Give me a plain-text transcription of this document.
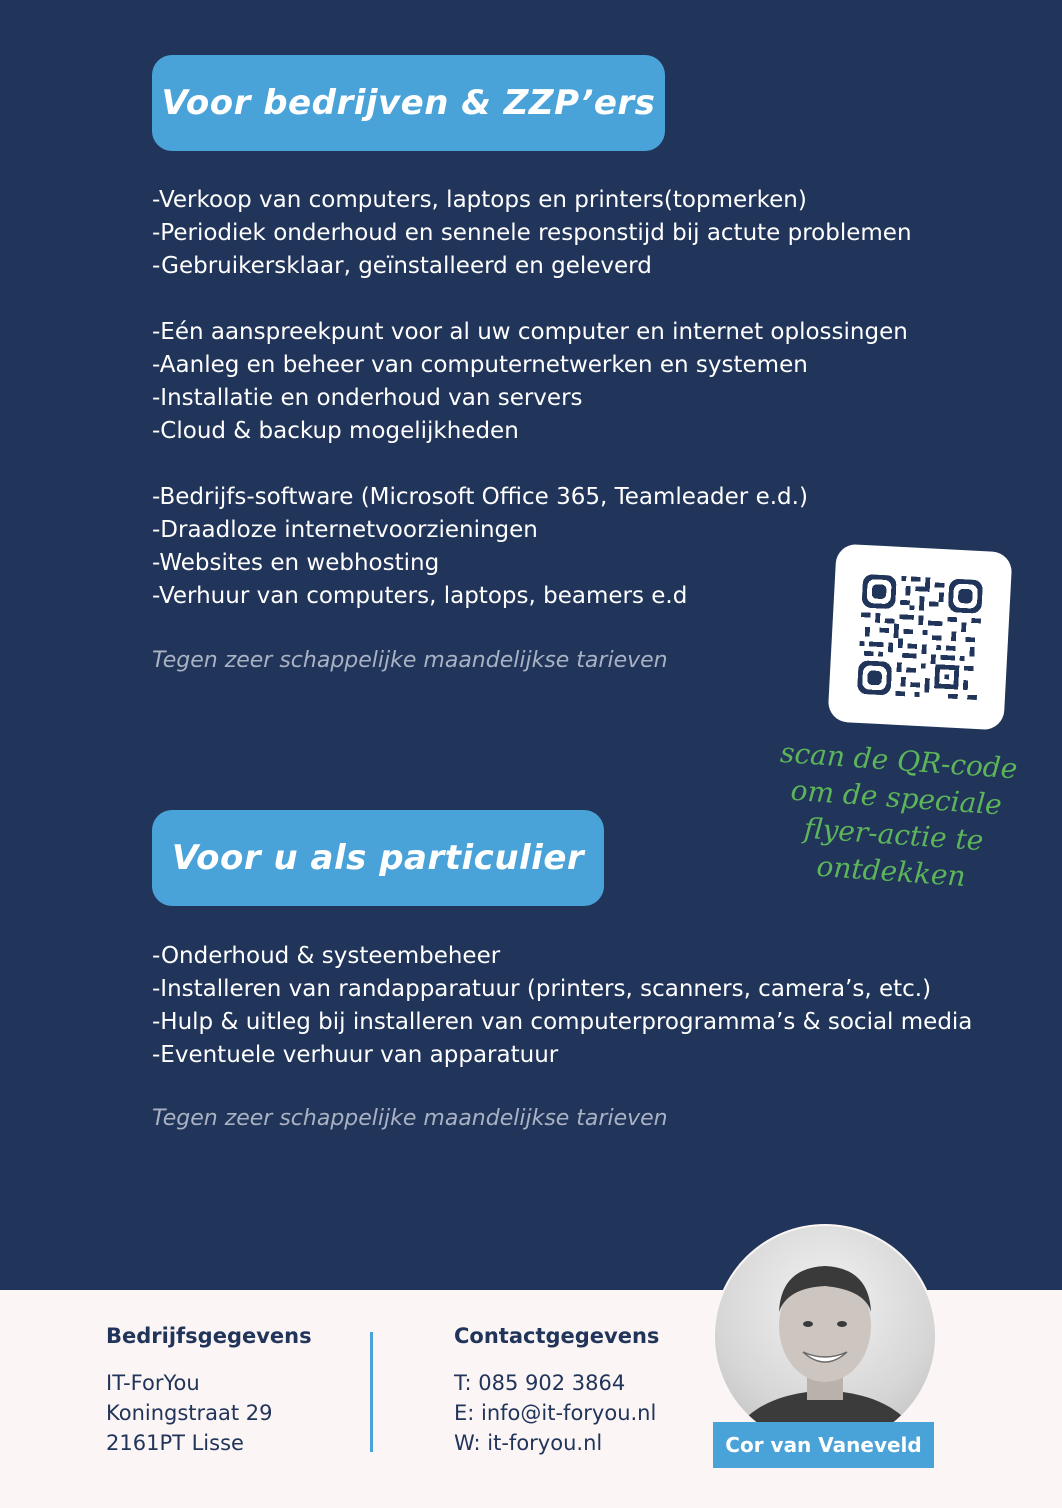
Voor bedrijven & ZZP’ers
-Verkoop van computers, laptops en printers(topmerken)
-Periodiek onderhoud en sennele responstijd bij actute problemen
-Gebruikersklaar, geïnstalleerd en geleverd
-Eén aanspreekpunt voor al uw computer en internet oplossingen
-Aanleg en beheer van computernetwerken en systemen
-Installatie en onderhoud van servers
-Cloud & backup mogelijkheden
-Bedrijfs-software (Microsoft Office 365, Teamleader e.d.)
-Draadloze internetvoorzieningen
-Websites en webhosting
-Verhuur van computers, laptops, beamers e.d
Tegen zeer schappelijke maandelijkse tarieven
scan de QR-code
om de speciale
flyer-actie te ontdekken
Voor u als particulier
-Onderhoud & systeembeheer
-Installeren van randapparatuur (printers, scanners, camera’s, etc.)
-Hulp & uitleg bij installeren van computerprogramma’s & social media
-Eventuele verhuur van apparatuur
Tegen zeer schappelijke maandelijkse tarieven
Bedrijfsgegevens

IT-ForYou

Koningstraat 29

2161PT Lisse

Contactgegevens

T: 085 902 3864

E: info@it-foryou.nl

W: it-foryou.nl	Cor van Vaneveld
